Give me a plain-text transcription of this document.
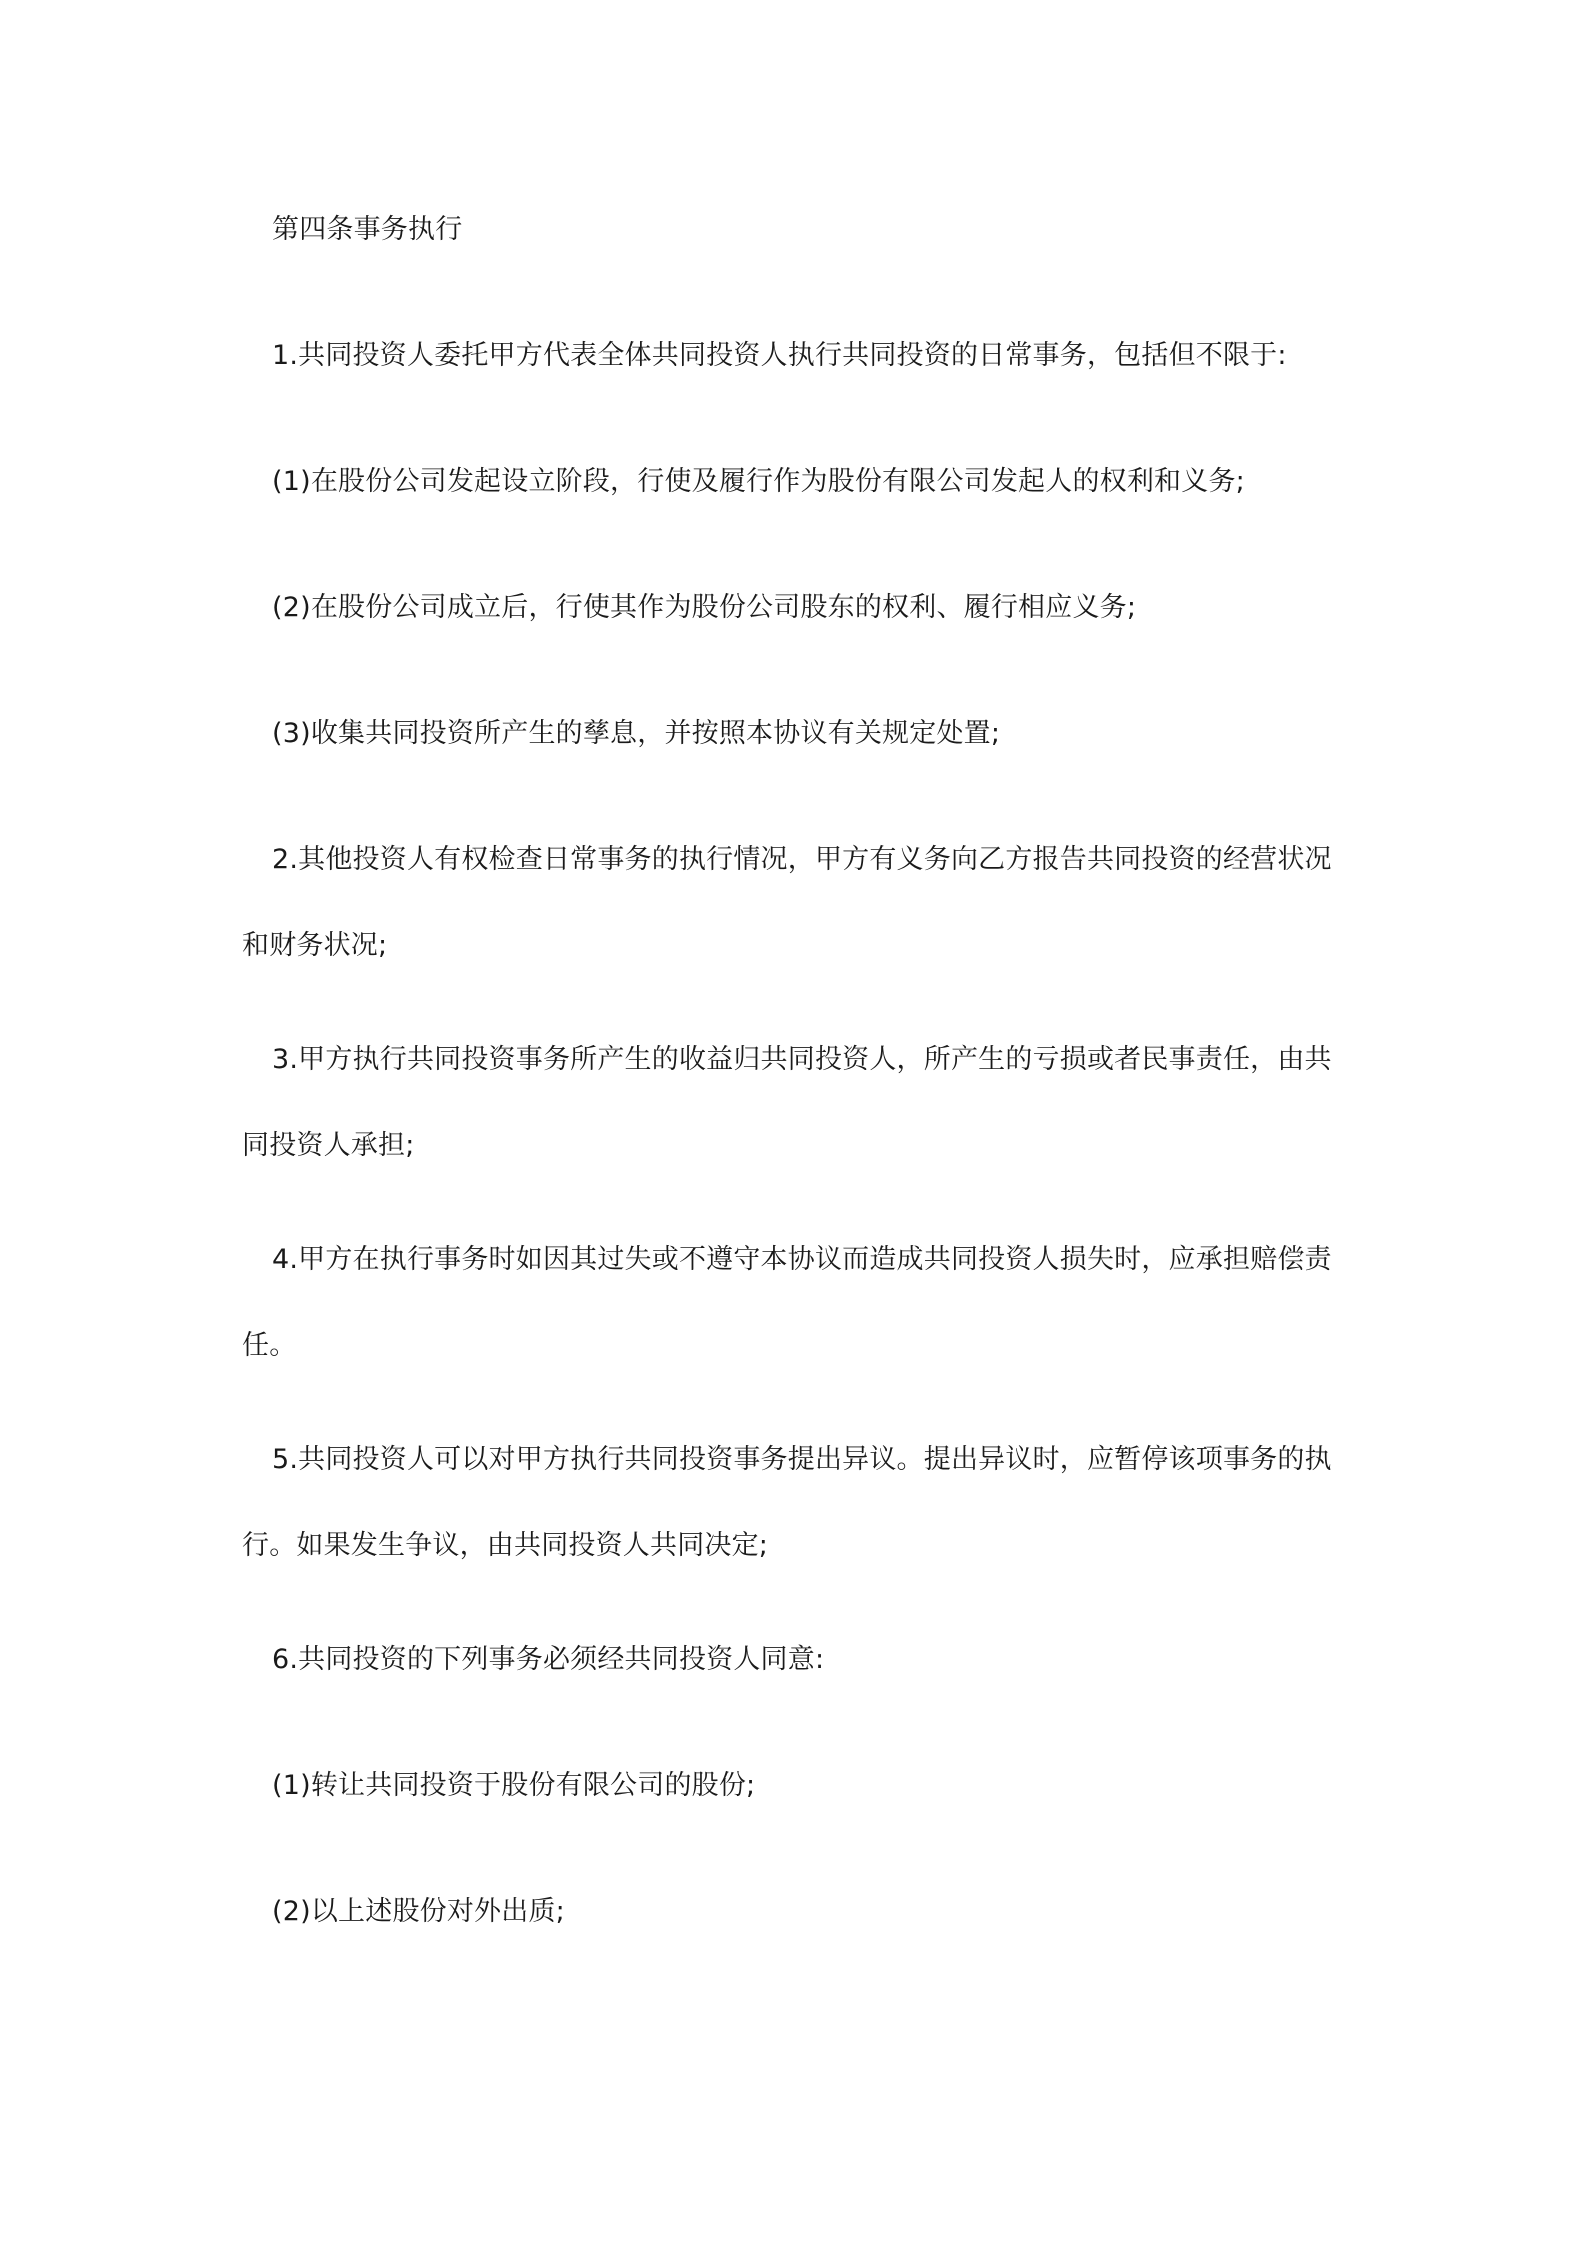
第四条事务执行
1.共同投资人委托甲方代表全体共同投资人执行共同投资的日常事务，包括但不限于:
(1)在股份公司发起设立阶段，行使及履行作为股份有限公司发起人的权利和义务;
(2)在股份公司成立后，行使其作为股份公司股东的权利、履行相应义务;
(3)收集共同投资所产生的孳息，并按照本协议有关规定处置;
2.其他投资人有权检查日常事务的执行情况，甲方有义务向乙方报告共同投资的经营状况
和财务状况;
3.甲方执行共同投资事务所产生的收益归共同投资人，所产生的亏损或者民事责任，由共
同投资人承担;
4.甲方在执行事务时如因其过失或不遵守本协议而造成共同投资人损失时，应承担赔偿责
任。
5.共同投资人可以对甲方执行共同投资事务提出异议。提出异议时，应暂停该项事务的执
行。如果发生争议，由共同投资人共同决定;
6.共同投资的下列事务必须经共同投资人同意:
(1)转让共同投资于股份有限公司的股份;
(2)以上述股份对外出质;
